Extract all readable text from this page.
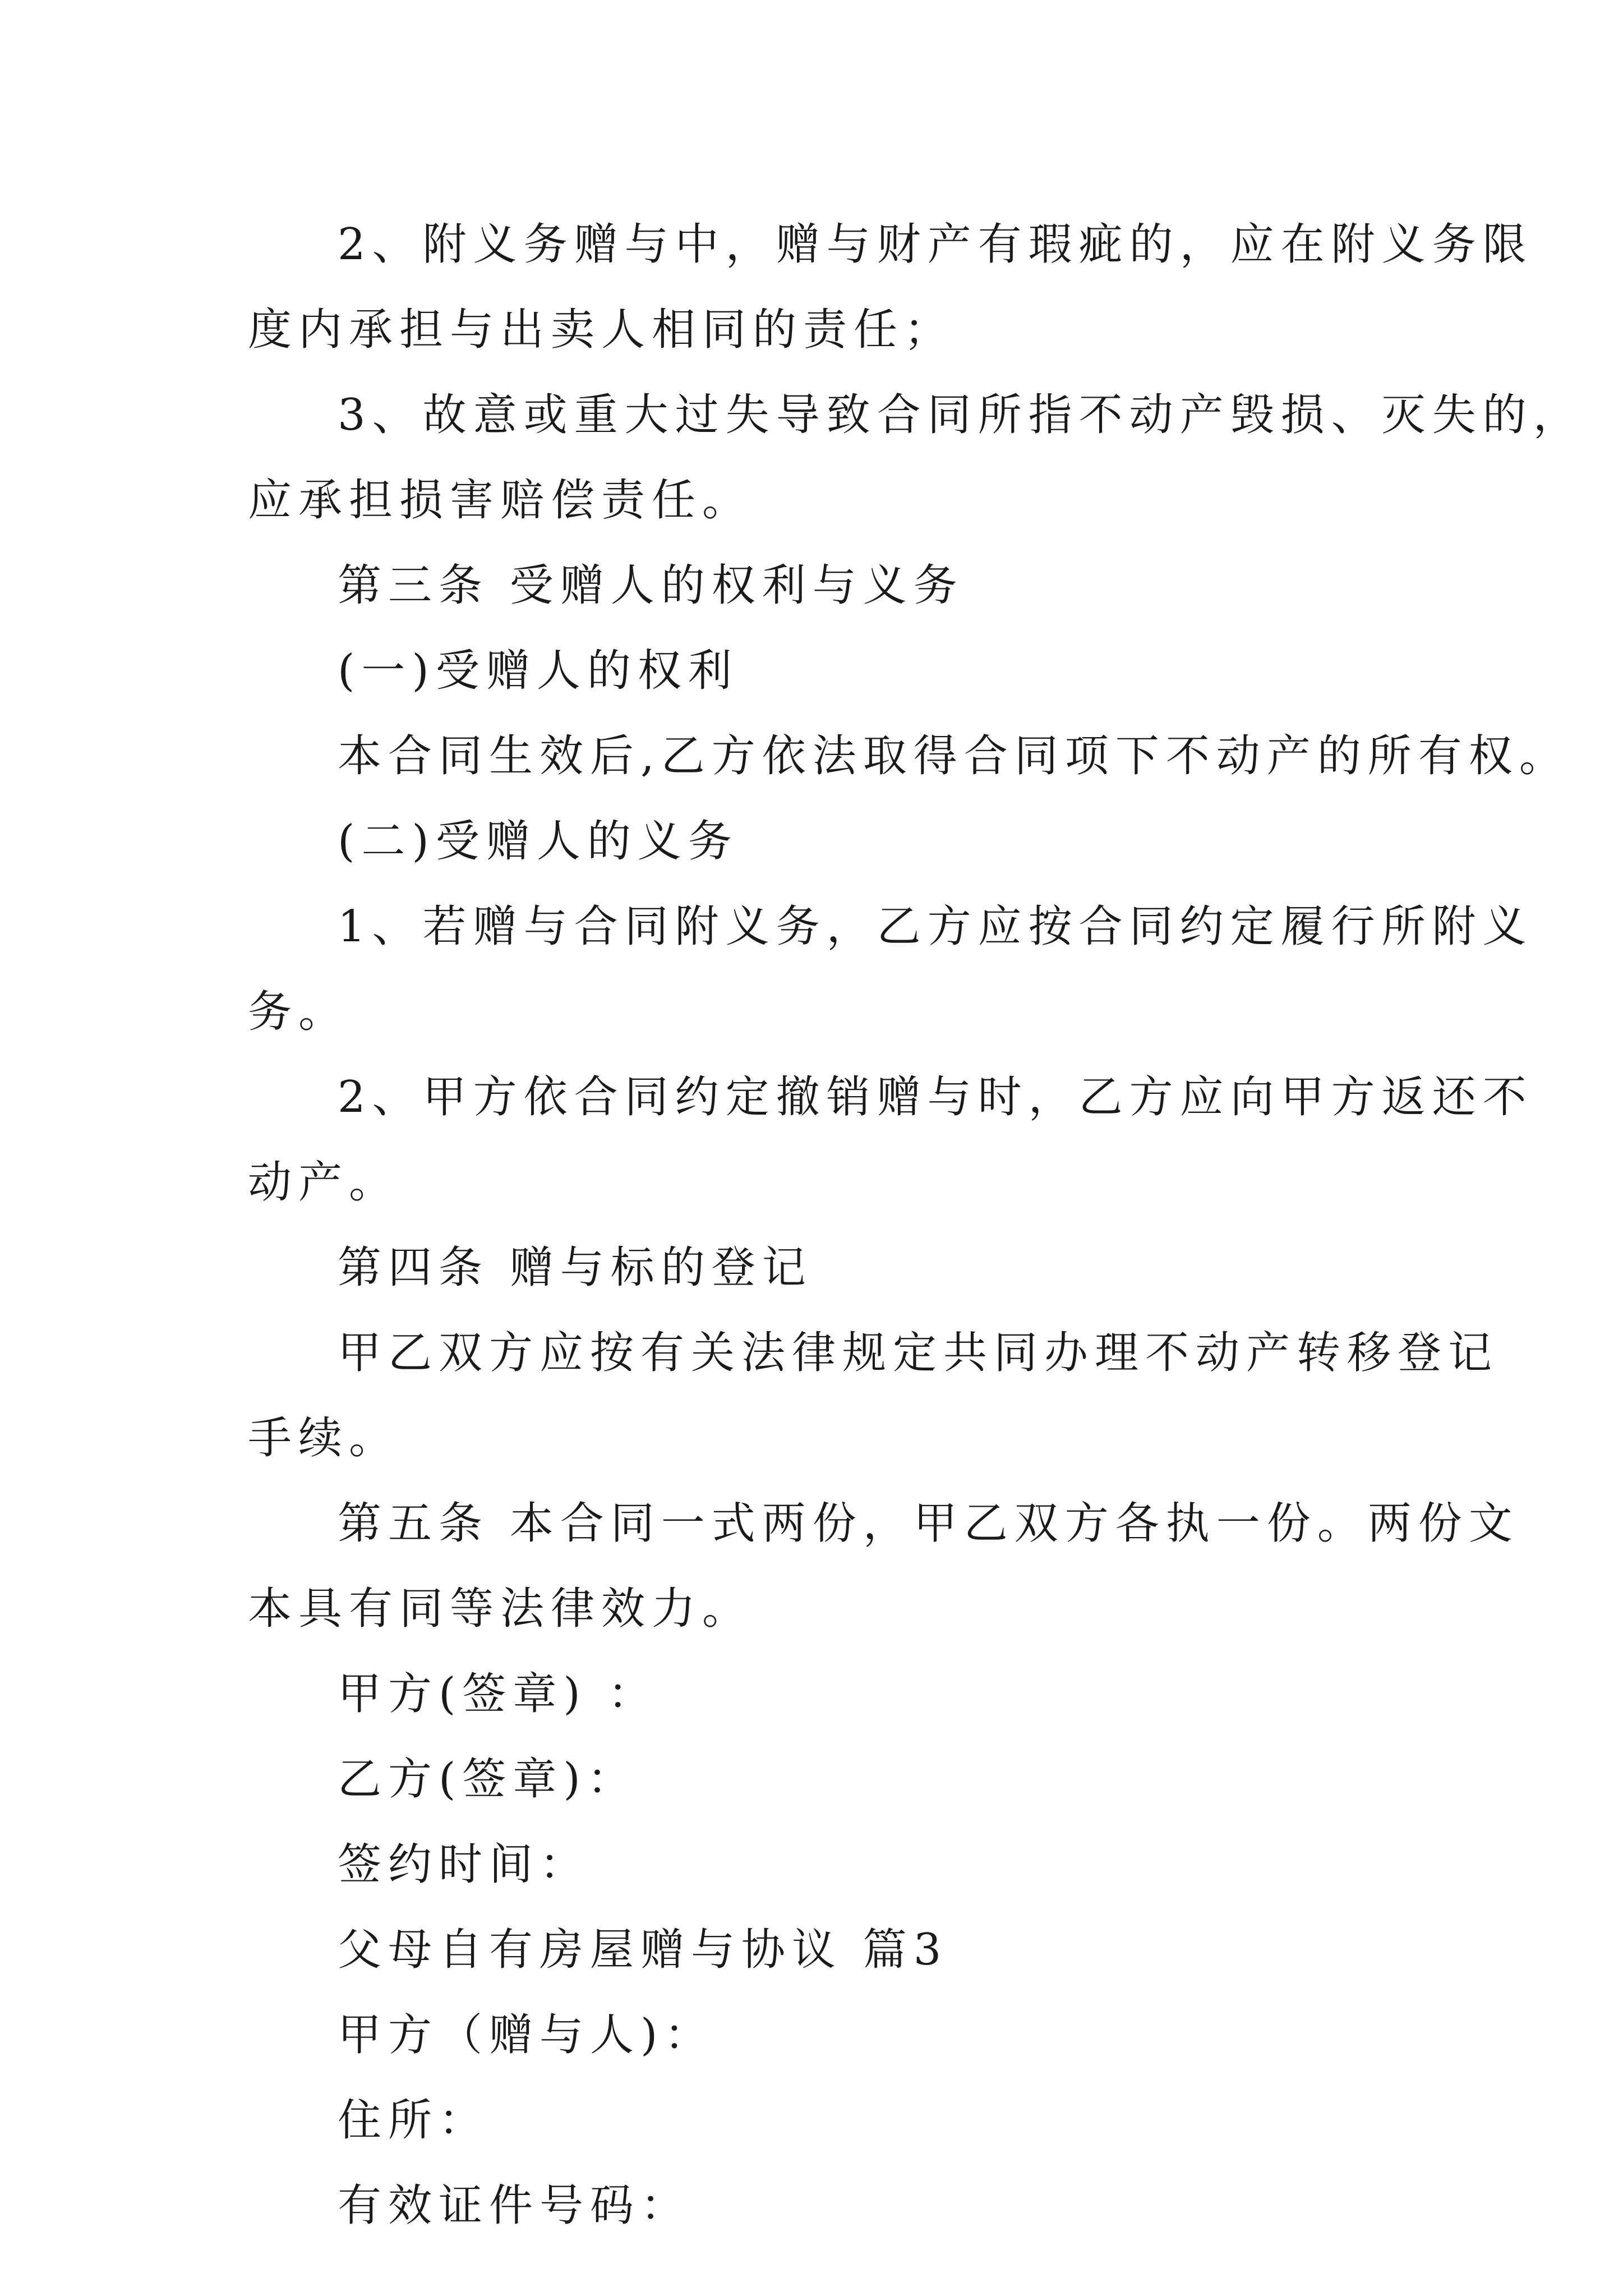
2、附义务赠与中，赠与财产有瑕疵的，应在附义务限
度内承担与出卖人相同的责任；
3、故意或重大过失导致合同所指不动产毁损、灭失的，
应承担损害赔偿责任。
第三条 受赠人的权利与义务
(一)受赠人的权利
本合同生效后,乙方依法取得合同项下不动产的所有权。
(二)受赠人的义务
1、若赠与合同附义务，乙方应按合同约定履行所附义
务。
2、甲方依合同约定撤销赠与时，乙方应向甲方返还不
动产。
第四条 赠与标的登记
甲乙双方应按有关法律规定共同办理不动产转移登记
手续。
第五条 本合同一式两份，甲乙双方各执一份。两份文
本具有同等法律效力。
甲方(签章) ：
乙方(签章)：
签约时间：
父母自有房屋赠与协议 篇3
甲方（赠与人)：
住所：
有效证件号码：
